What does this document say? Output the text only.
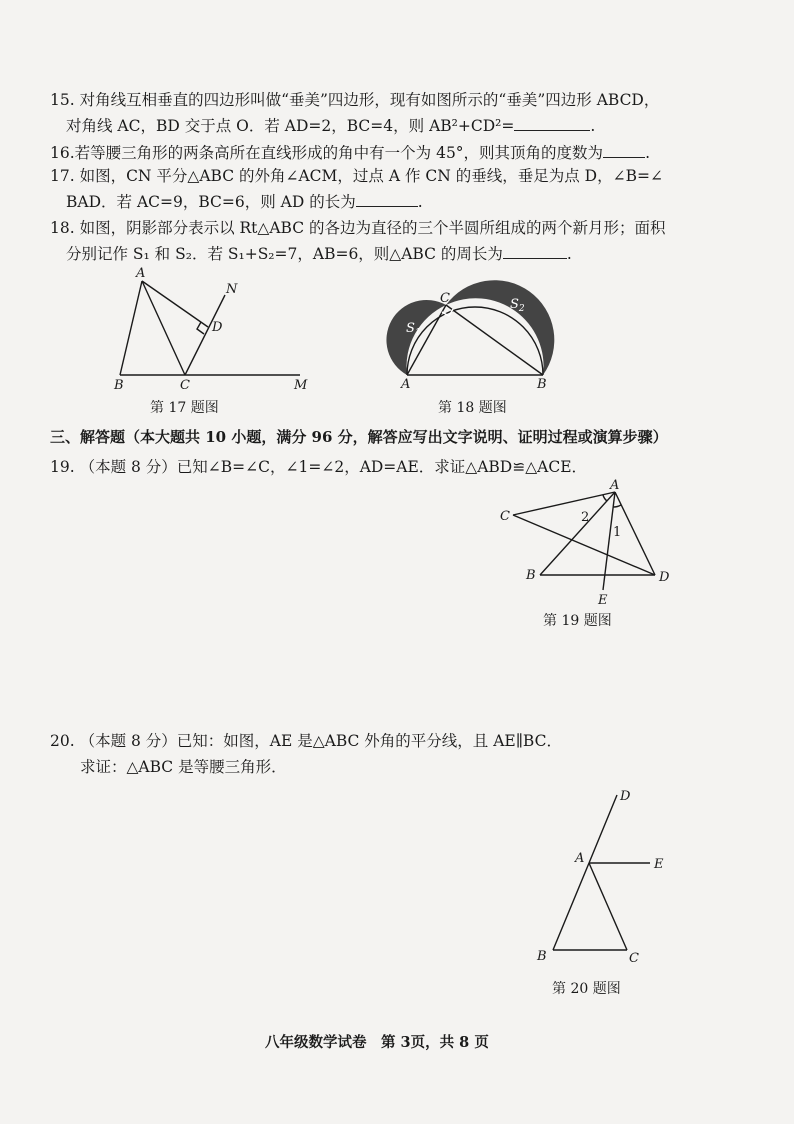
15. 对角线互相垂直的四边形叫做“垂美”四边形，现有如图所示的“垂美”四边形 ABCD，
对角线 AC，BD 交于点 O．若 AD=2，BC=4，则 AB²+CD²=	.
16.若等腰三角形的两条高所在直线形成的角中有一个为 45°，则其顶角的度数为	.
17. 如图，CN 平分△ABC 的外角∠ACM，过点 A 作 CN 的垂线，垂足为点 D，∠B=∠
BAD．若 AC=9，BC=6，则 AD 的长为	.
18. 如图，阴影部分表示以 Rt△ABC 的各边为直径的三个半圆所组成的两个新月形；面积
分别记作 S₁ 和 S₂．若 S₁+S₂=7，AB=6，则△ABC 的周长为	.
A
B	C
D
N
M
第 17 题图
A	B
C
$S_1$
$S_2$
第 18 题图
三、解答题（本大题共 10 小题，满分 96 分，解答应写出文字说明、证明过程或演算步骤）
19. （本题 8 分）已知∠B=∠C，∠1=∠2，AD=AE．求证△ABD≌△ACE．
A
C
B	D
E
2
1
第 19 题图
20. （本题 8 分）已知：如图，AE 是△ABC 外角的平分线，且 AE∥BC．
求证：△ABC 是等腰三角形．
D
A	E
B	C
第 20 题图
八年级数学试卷　第 3页，共 8 页
